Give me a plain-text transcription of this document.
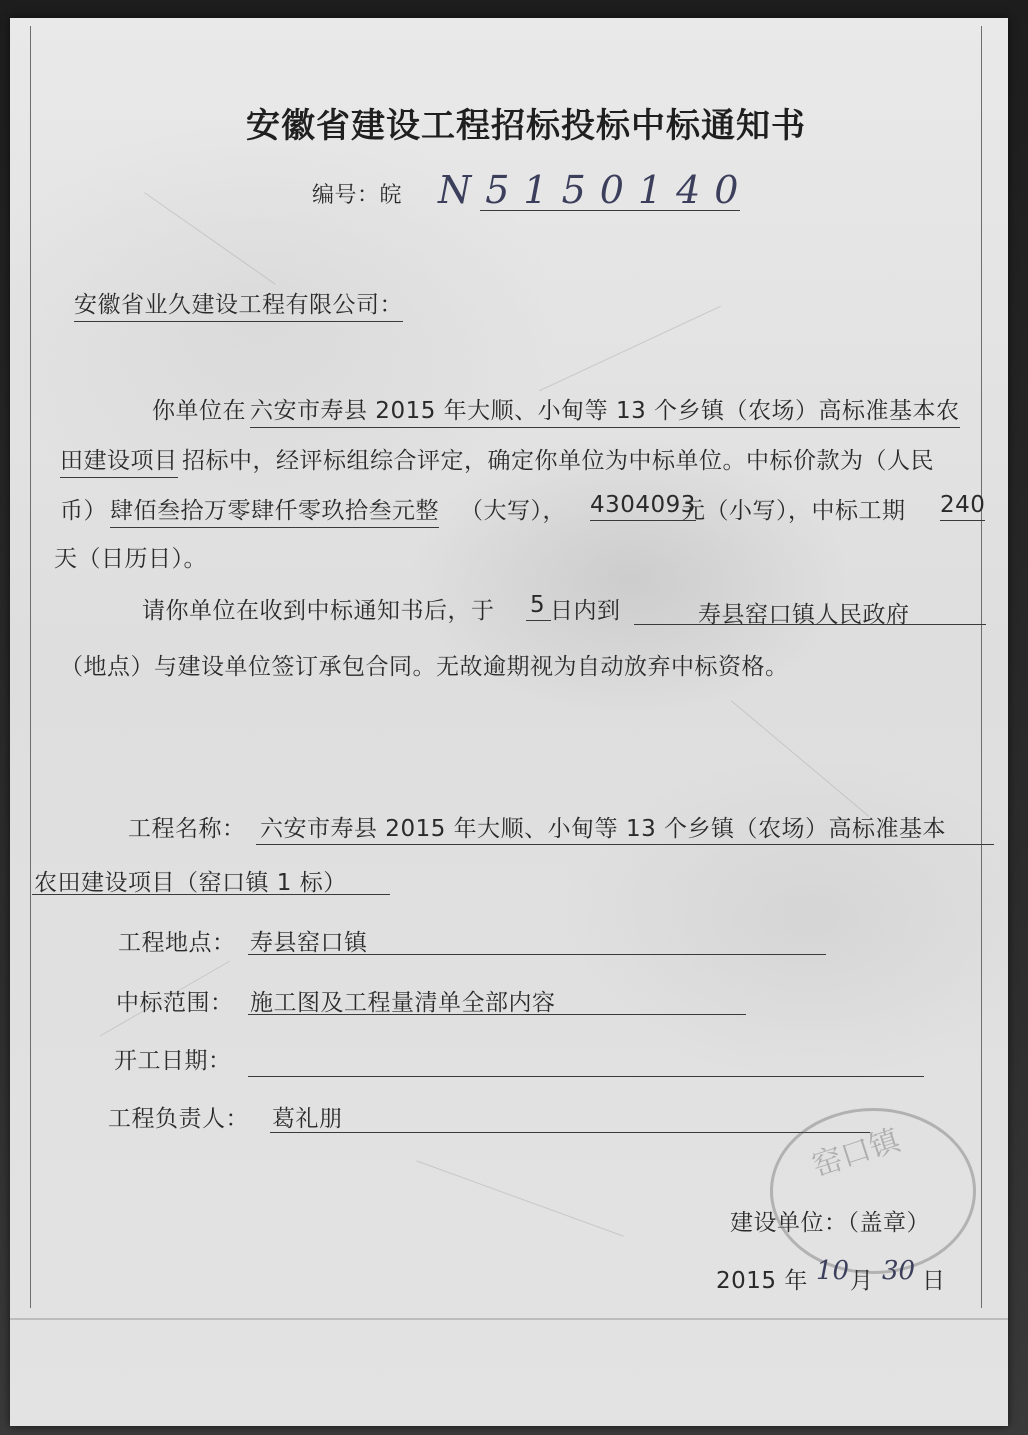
安徽省建设工程招标投标中标通知书
编号：皖 N5150140
安徽省业久建设工程有限公司：
你单位在 六安市寿县 2015 年大顺、小甸等 13 个乡镇（农场）高标准基本农
田建设项目 招标中，经评标组综合评定，确定你单位为中标单位。中标价款为（人民
币） 肆佰叁拾万零肆仟零玖拾叁元整 （大写）， 4304093
元（小写），中标工期 240
天（日历日）。
请你单位在收到中标通知书后，于 5 日内到	寿县窑口镇人民政府
（地点）与建设单位签订承包合同。无故逾期视为自动放弃中标资格。
工程名称： 六安市寿县 2015 年大顺、小甸等 13 个乡镇（农场）高标准基本
农田建设项目（窑口镇 1 标）
工程地点： 寿县窑口镇
中标范围： 施工图及工程量清单全部内容
开工日期：
工程负责人： 葛礼朋
窑口镇
建设单位：（盖章）
2015 年 10 月 30 日
